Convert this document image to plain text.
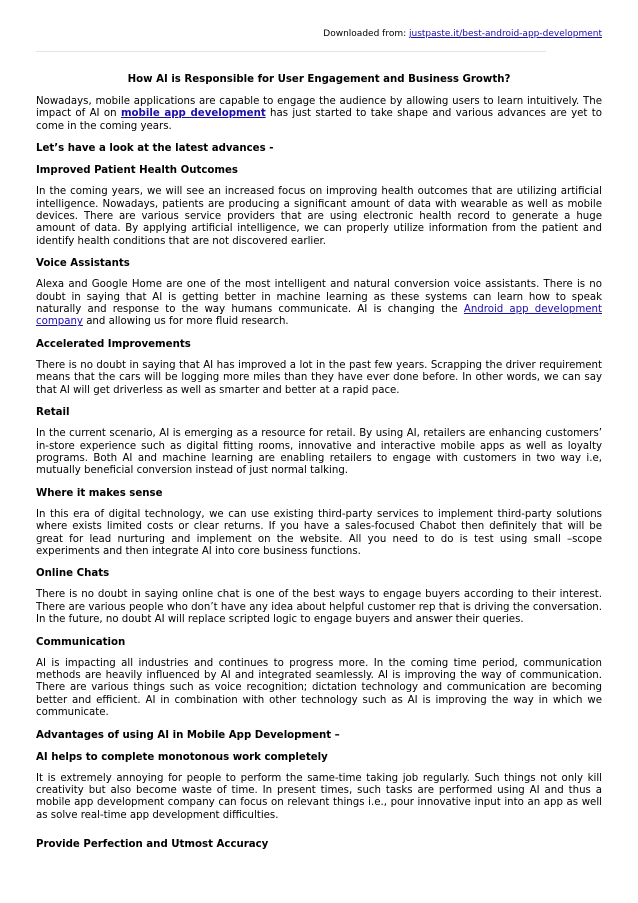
Downloaded from: justpaste.it/best-android-app-development
How AI is Responsible for User Engagement and Business Growth?

Nowadays, mobile applications are capable to engage the audience by allowing users to learn intuitively. The impact of AI on mobile app development has just started to take shape and various advances are yet to come in the coming years.

Let’s have a look at the latest advances -
Improved Patient Health Outcomes

In the coming years, we will see an increased focus on improving health outcomes that are utilizing artificial intelligence. Nowadays, patients are producing a significant amount of data with wearable as well as mobile devices. There are various service providers that are using electronic health record to generate a huge amount of data. By applying artificial intelligence, we can properly utilize information from the patient and identify health conditions that are not discovered earlier.

Voice Assistants

Alexa and Google Home are one of the most intelligent and natural conversion voice assistants. There is no doubt in saying that AI is getting better in machine learning as these systems can learn how to speak naturally and response to the way humans communicate. AI is changing the Android app development company and allowing us for more fluid research.

Accelerated Improvements

There is no doubt in saying that AI has improved a lot in the past few years. Scrapping the driver requirement means that the cars will be logging more miles than they have ever done before. In other words, we can say that AI will get driverless as well as smarter and better at a rapid pace.

Retail

In the current scenario, AI is emerging as a resource for retail. By using AI, retailers are enhancing customers’ in-store experience such as digital fitting rooms, innovative and interactive mobile apps as well as loyalty programs. Both AI and machine learning are enabling retailers to engage with customers in two way i.e, mutually beneficial conversion instead of just normal talking.

Where it makes sense

In this era of digital technology, we can use existing third-party services to implement third-party solutions where exists limited costs or clear returns. If you have a sales-focused Chabot then definitely that will be great for lead nurturing and implement on the website. All you need to do is test using small –scope experiments and then integrate AI into core business functions.

Online Chats

There is no doubt in saying online chat is one of the best ways to engage buyers according to their interest. There are various people who don’t have any idea about helpful customer rep that is driving the conversation. In the future, no doubt AI will replace scripted logic to engage buyers and answer their queries.

Communication

AI is impacting all industries and continues to progress more. In the coming time period, communication methods are heavily influenced by AI and integrated seamlessly. AI is improving the way of communication. There are various things such as voice recognition; dictation technology and communication are becoming better and efficient. AI in combination with other technology such as AI is improving the way in which we communicate.

Advantages of using AI in Mobile App Development –
AI helps to complete monotonous work completely

It is extremely annoying for people to perform the same-time taking job regularly. Such things not only kill creativity but also become waste of time. In present times, such tasks are performed using AI and thus a mobile app development company can focus on relevant things i.e., pour innovative input into an app as well as solve real-time app development difficulties.

Provide Perfection and Utmost Accuracy
